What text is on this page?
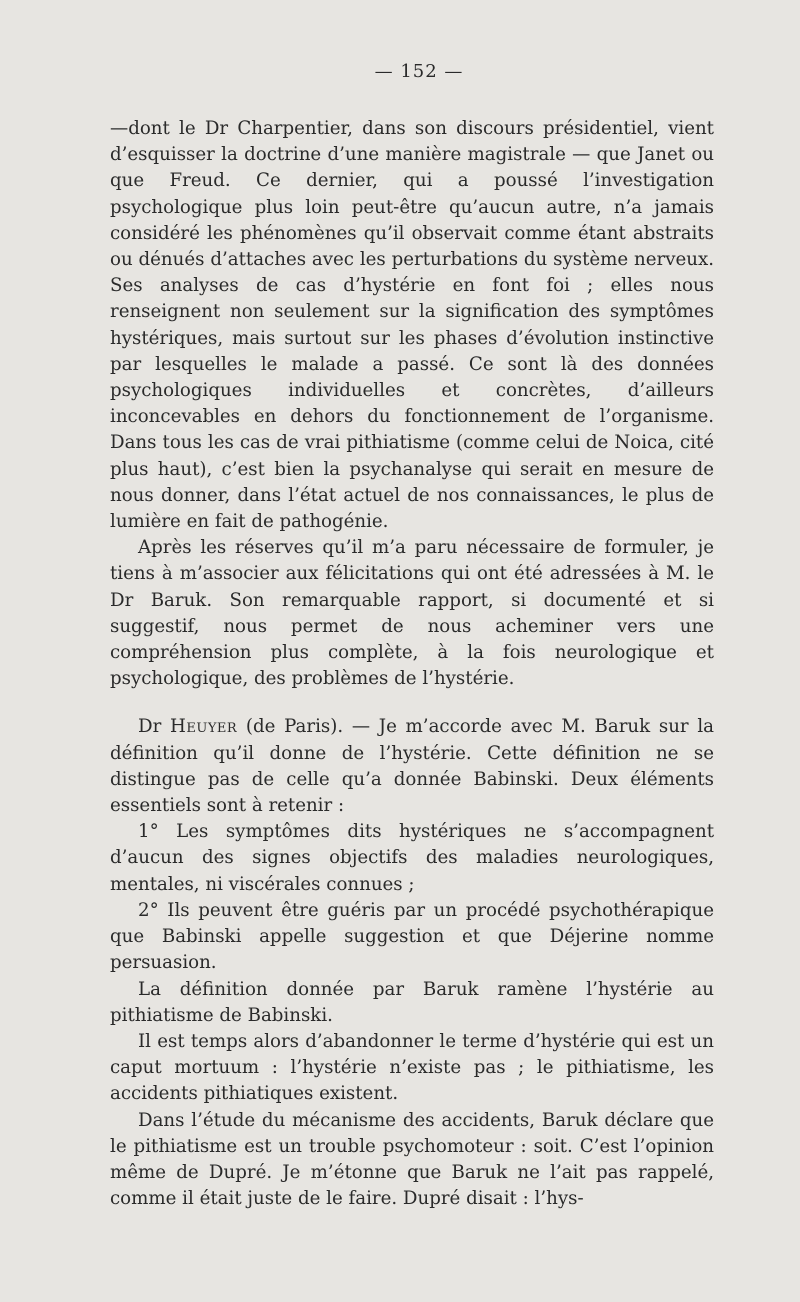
— 152 —

—dont le Dr Charpentier, dans son discours présidentiel, vient d’esquisser la doctrine d’une manière magistrale — que Janet ou que Freud. Ce dernier, qui a poussé l’investigation psychologique plus loin peut-être qu’aucun autre, n’a jamais considéré les phénomènes qu’il observait comme étant abstraits ou dénués d’attaches avec les perturbations du système nerveux. Ses analyses de cas d’hystérie en font foi ; elles nous renseignent non seulement sur la signification des symptômes hystériques, mais surtout sur les phases d’évolution instinctive par lesquelles le malade a passé. Ce sont là des données psychologiques individuelles et concrètes, d’ailleurs inconcevables en dehors du fonctionnement de l’organisme. Dans tous les cas de vrai pithiatisme (comme celui de Noica, cité plus haut), c’est bien la psychanalyse qui serait en mesure de nous donner, dans l’état actuel de nos connaissances, le plus de lumière en fait de pathogénie.

Après les réserves qu’il m’a paru nécessaire de formuler, je tiens à m’associer aux félicitations qui ont été adressées à M. le Dr Baruk. Son remarquable rapport, si documenté et si suggestif, nous permet de nous acheminer vers une compréhension plus complète, à la fois neurologique et psychologique, des problèmes de l’hystérie.

Dr Heuyer (de Paris). — Je m’accorde avec M. Baruk sur la définition qu’il donne de l’hystérie. Cette définition ne se distingue pas de celle qu’a donnée Babinski. Deux éléments essentiels sont à retenir :

1° Les symptômes dits hystériques ne s’accompagnent d’aucun des signes objectifs des maladies neurologiques, mentales, ni viscérales connues ;

2° Ils peuvent être guéris par un procédé psychothérapique que Babinski appelle suggestion et que Déjerine nomme persuasion.

La définition donnée par Baruk ramène l’hystérie au pithiatisme de Babinski.

Il est temps alors d’abandonner le terme d’hystérie qui est un caput mortuum : l’hystérie n’existe pas ; le pithiatisme, les accidents pithiatiques existent.

Dans l’étude du mécanisme des accidents, Baruk déclare que le pithiatisme est un trouble psychomoteur : soit. C’est l’opinion même de Dupré. Je m’étonne que Baruk ne l’ait pas rappelé, comme il était juste de le faire. Dupré disait : l’hys-
